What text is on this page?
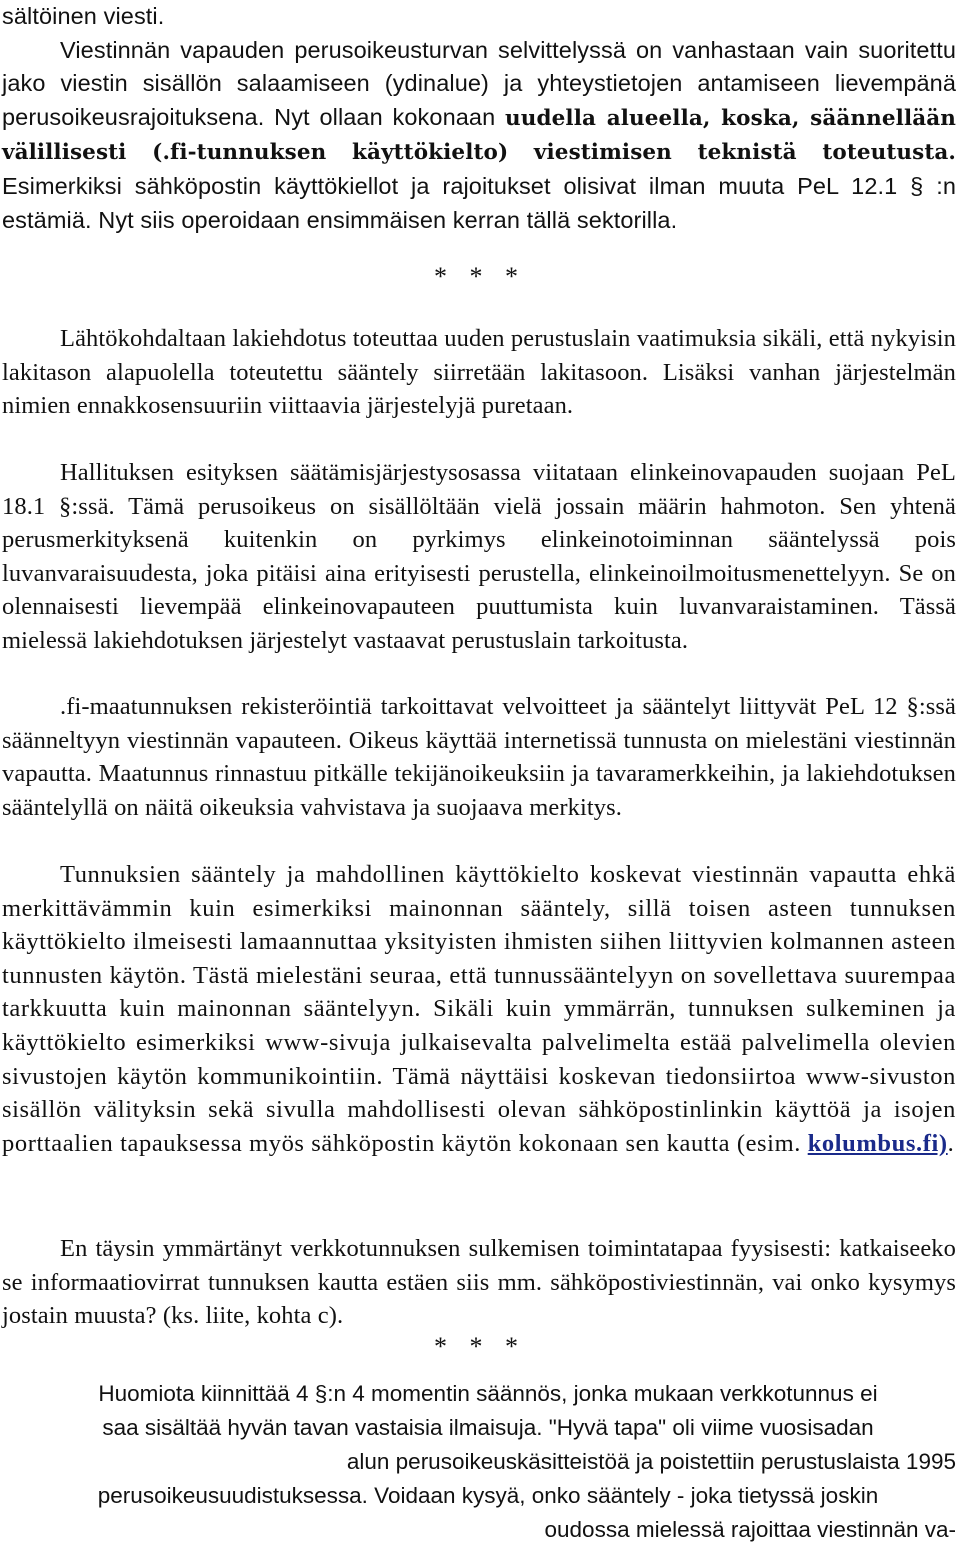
sältöinen viesti.

Viestinnän vapauden perusoikeusturvan selvittelyssä on vanhastaan vain suoritettu jako viestin sisällön salaamiseen (ydinalue) ja yhteystietojen antamiseen lievempänä perusoikeusrajoituksena. Nyt ollaan kokonaan uudella alueella, koska, säännellään välillisesti (.fi-tunnuksen käyttökielto) viestimisen teknistä toteutusta. Esimerkiksi sähköpostin käyttökiellot ja rajoitukset olisivat ilman muuta PeL 12.1 § :n estämiä. Nyt siis operoidaan ensimmäisen kerran tällä sektorilla.

* * *

Lähtökohdaltaan lakiehdotus toteuttaa uuden perustuslain vaatimuksia sikäli, että nykyisin lakitason alapuolella toteutettu sääntely siirretään lakitasoon. Lisäksi vanhan järjestelmän nimien ennakkosensuuriin viittaavia järjestelyjä puretaan.

Hallituksen esityksen säätämisjärjestysosassa viitataan elinkeinovapauden suojaan PeL 18.1 §:ssä. Tämä perusoikeus on sisällöltään vielä jossain määrin hahmoton. Sen yhtenä perusmerkityksenä kuitenkin on pyrkimys elinkeinotoiminnan sääntelyssä pois luvanvaraisuudesta, joka pitäisi aina erityisesti perustella, elinkeinoilmoitusmenettelyyn. Se on olennaisesti lievempää elinkeinovapauteen puuttumista kuin luvanvaraistaminen. Tässä mielessä lakiehdotuksen järjestelyt vastaavat perustuslain tarkoitusta.

.fi-maatunnuksen rekisteröintiä tarkoittavat velvoitteet ja sääntelyt liittyvät PeL 12 §:ssä säänneltyyn viestinnän vapauteen. Oikeus käyttää internetissä tunnusta on mielestäni viestinnän vapautta. Maatunnus rinnastuu pitkälle tekijänoikeuksiin ja tavaramerkkeihin, ja lakiehdotuksen sääntelyllä on näitä oikeuksia vahvistava ja suojaava merkitys.

Tunnuksien sääntely ja mahdollinen käyttökielto koskevat viestinnän vapautta ehkä merkittävämmin kuin esimerkiksi mainonnan sääntely, sillä toisen asteen tunnuksen käyttökielto ilmeisesti lamaannuttaa yksityisten ihmisten siihen liittyvien kolmannen asteen tunnusten käytön. Tästä mielestäni seuraa, että tunnussääntelyyn on sovellettava suurempaa tarkkuutta kuin mainonnan sääntelyyn. Sikäli kuin ymmärrän, tunnuksen sulkeminen ja käyttökielto esimerkiksi www-sivuja julkaisevalta palvelimelta estää palvelimella olevien sivustojen käytön kommunikointiin. Tämä näyttäisi koskevan tiedonsiirtoa www-sivuston sisällön välityksin sekä sivulla mahdollisesti olevan sähköpostinlinkin käyttöä ja isojen porttaalien tapauksessa myös sähköpostin käytön kokonaan sen kautta (esim. kolumbus.fi).

En täysin ymmärtänyt verkkotunnuksen sulkemisen toimintatapaa fyysisesti: katkaiseeko se informaatiovirrat tunnuksen kautta estäen siis mm. sähköpostiviestinnän, vai onko kysymys jostain muusta? (ks. liite, kohta c).

* * *
Huomiota kiinnittää 4 §:n 4 momentin säännös, jonka mukaan verkkotunnus ei
saa sisältää hyvän tavan vastaisia ilmaisuja. "Hyvä tapa" oli viime vuosisadan
alun perusoikeuskäsitteistöä ja poistettiin perustuslaista 1995
perusoikeusuudistuksessa. Voidaan kysyä, onko sääntely - joka tietyssä joskin
oudossa mielessä rajoittaa viestinnän va-
